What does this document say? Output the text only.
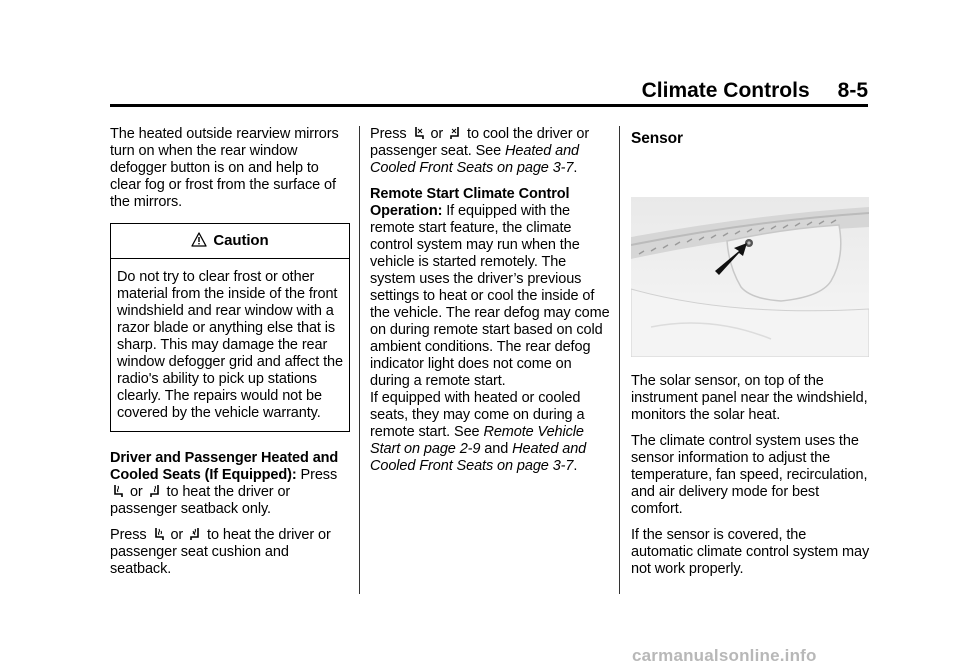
Climate Controls 8-5

The heated outside rearview mirrors turn on when the rear window defogger button is on and help to clear fog or frost from the surface of the mirrors.

Caution
Do not try to clear frost or other material from the inside of the front windshield and rear window with a razor blade or anything else that is sharp. This may damage the rear window defogger grid and affect the radio's ability to pick up stations clearly. The repairs would not be covered by the vehicle warranty.

Driver and Passenger Heated and Cooled Seats (If Equipped): Press  or to heat the driver or passenger seatback only.

Press or to heat the driver or passenger seat cushion and seatback.

Press or to cool the driver or passenger seat. See Heated and Cooled Front Seats on page 3-7.

Remote Start Climate Control Operation: If equipped with the remote start feature, the climate control system may run when the vehicle is started remotely. The system uses the driver’s previous settings to heat or cool the inside of the vehicle. The rear defog may come on during remote start based on cold ambient conditions. The rear defog indicator light does not come on during a remote start.

If equipped with heated or cooled seats, they may come on during a remote start. See Remote Vehicle Start on page 2-9 and Heated and Cooled Front Seats on page 3-7.

Sensor

The solar sensor, on top of the instrument panel near the windshield, monitors the solar heat.

The climate control system uses the sensor information to adjust the temperature, fan speed, recirculation, and air delivery mode for best comfort.

If the sensor is covered, the automatic climate control system may not work properly.

carmanualsonline.info
